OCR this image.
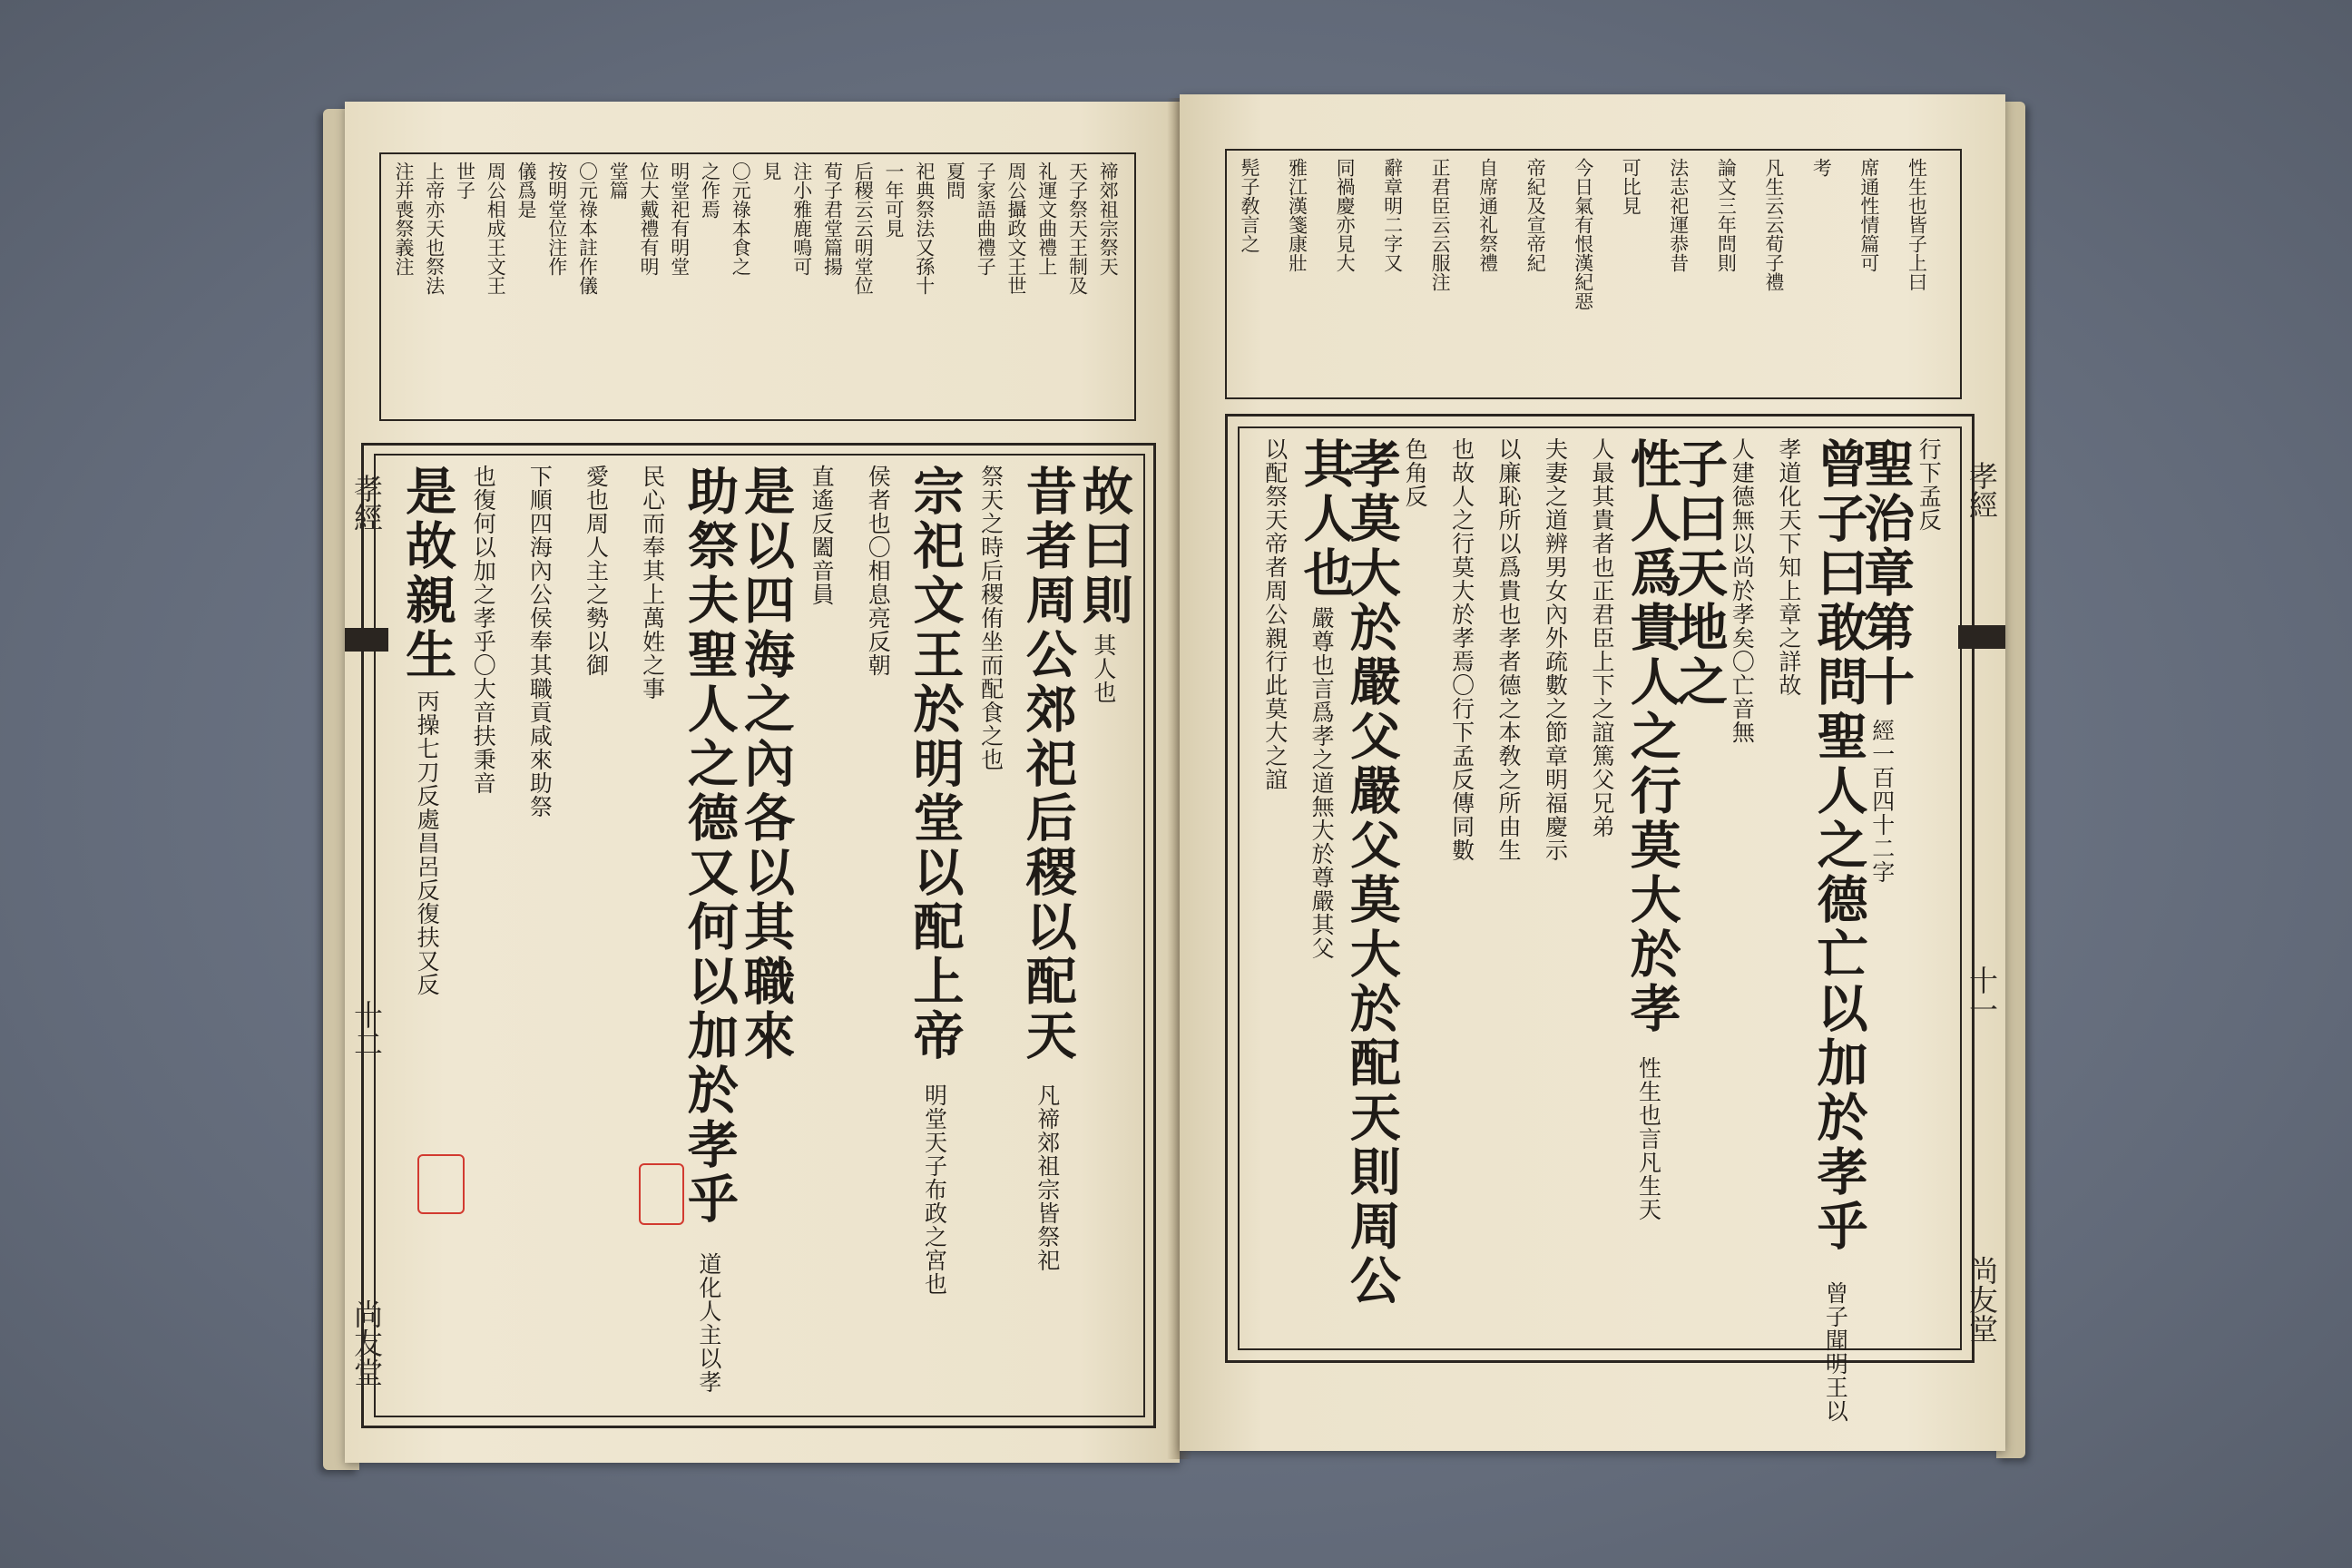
禘郊祖宗祭天
天子祭天王制及
礼運文曲禮上
周公攝政文王世
子家語曲禮子
夏問
祀典祭法又孫十
一年可見
后稷云云明堂位
荀子君堂篇揚
注小雅鹿鳴可
見
〇元祿本食之
之作焉
明堂祀有明堂
位大戴禮有明
堂篇
〇元祿本註作儀
按明堂位注作
儀爲是
周公相成王文王
世子
上帝亦天也祭法
注并喪祭義注
故曰則
其人也
昔者周公郊祀后稷以配天
凡禘郊祖宗皆祭祀
祭天之時后稷侑坐而配食之也
宗祀文王於明堂以配上帝
明堂天子布政之宮也
侯者也〇相息亮反朝
直遙反闔音員
是以四海之內各以其職來
助祭夫聖人之德又何以加於孝乎
道化人主以孝
民心而奉其上萬姓之事
愛也周人主之勢以御
下順四海內公侯奉其職貢咸來助祭
也復何以加之孝乎〇大音扶秉音
是故親生
丙操七刀反處昌呂反復扶又反
孝經
十二
尚友堂
性生也皆子上曰
席通性情篇可
考
凡生云云荀子禮
論文三年問則
法志祀運恭昔
可比見
今日氣有恨漢紀惡
帝紀及宣帝紀
自席通礼祭禮
正君臣云云服注
辭章明二字又
同禍慶亦見大
雅江漢箋康壯
髡子敎言之
行下孟反
聖治章第十
經一百四十二字
曾子曰敢問聖人之德亡以加於孝乎
曾子聞明王以
孝道化天下知上章之詳故
人建德無以尚於孝矣〇亡音無
子曰天地之
性人爲貴人之行莫大於孝
性生也言凡生天
人最其貴者也正君臣上下之誼篤父兄弟
夫妻之道辨男女內外疏數之節章明福慶示
以廉恥所以爲貴也孝者德之本敎之所由生
也故人之行莫大於孝焉〇行下孟反傳同數
色角反
孝莫大於嚴父嚴父莫大於配天則周公
其人也
嚴尊也言爲孝之道無大於尊嚴其父
以配祭天帝者周公親行此莫大之誼	孝經
十一
尚友堂
